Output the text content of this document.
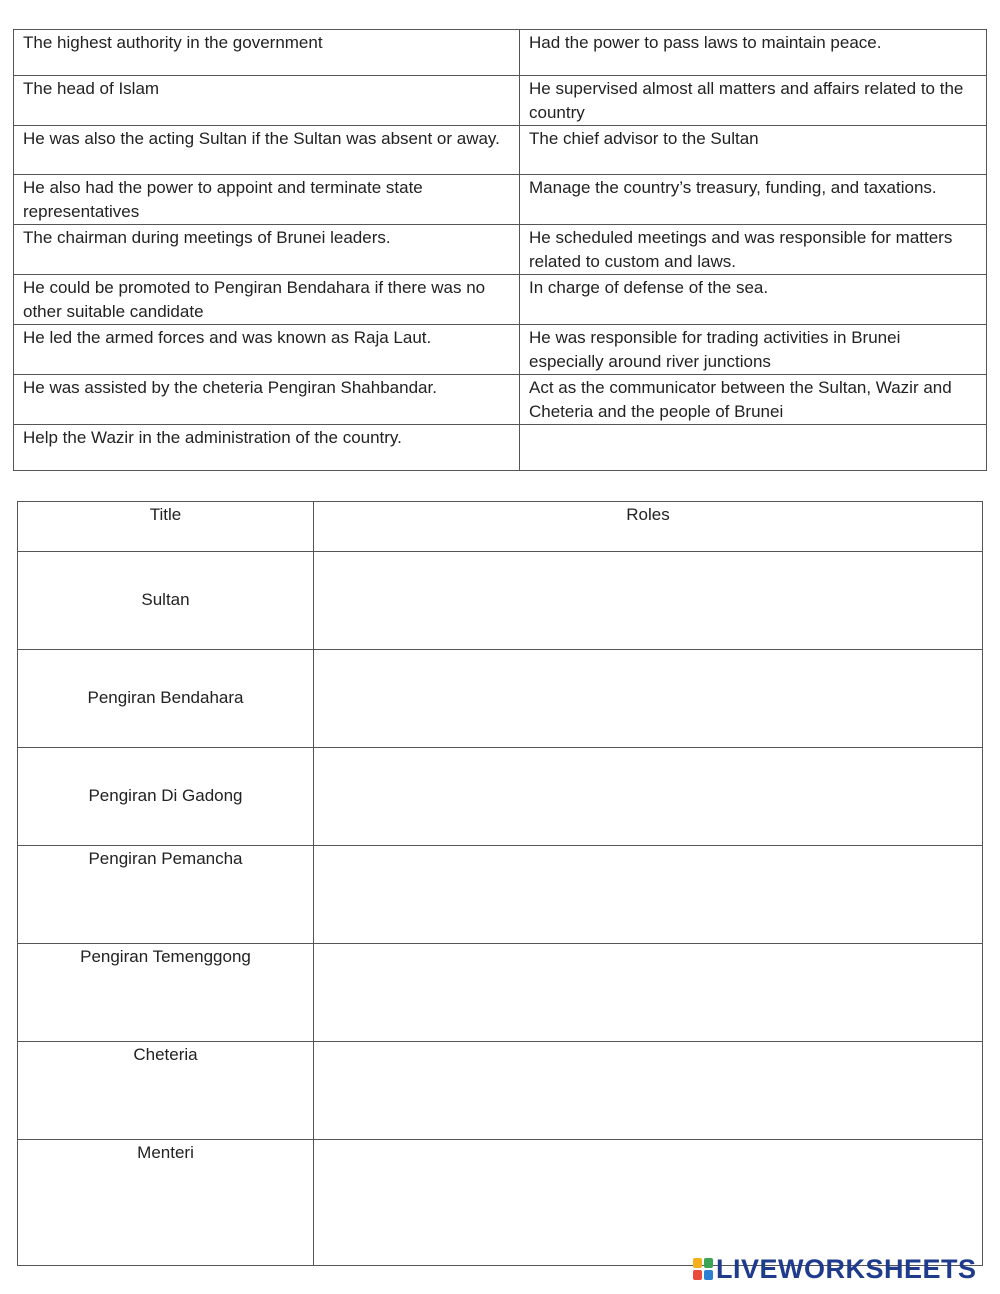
The highest authority in the government	Had the power to pass laws to maintain peace.
The head of Islam	He supervised almost all matters and affairs related to the country
He was also the acting Sultan if the Sultan was absent or away.	The chief advisor to the Sultan
He also had the power to appoint and terminate state representatives	Manage the country’s treasury, funding, and taxations.
The chairman during meetings of Brunei leaders.	He scheduled meetings and was responsible for matters related to custom and laws.
He could be promoted to Pengiran Bendahara if there was no other suitable candidate	In charge of defense of the sea.
He led the armed forces and was known as Raja Laut.	He was responsible for trading activities in Brunei especially around river junctions
He was assisted by the cheteria Pengiran Shahbandar.	Act as the communicator between the Sultan, Wazir and Cheteria and the people of Brunei
Help the Wazir in the administration of the country.	
Title	Roles
Sultan	
Pengiran Bendahara	
Pengiran Di Gadong	
Pengiran Pemancha	
Pengiran Temenggong	
Cheteria	
Menteri	
LIVEWORKSHEETS
